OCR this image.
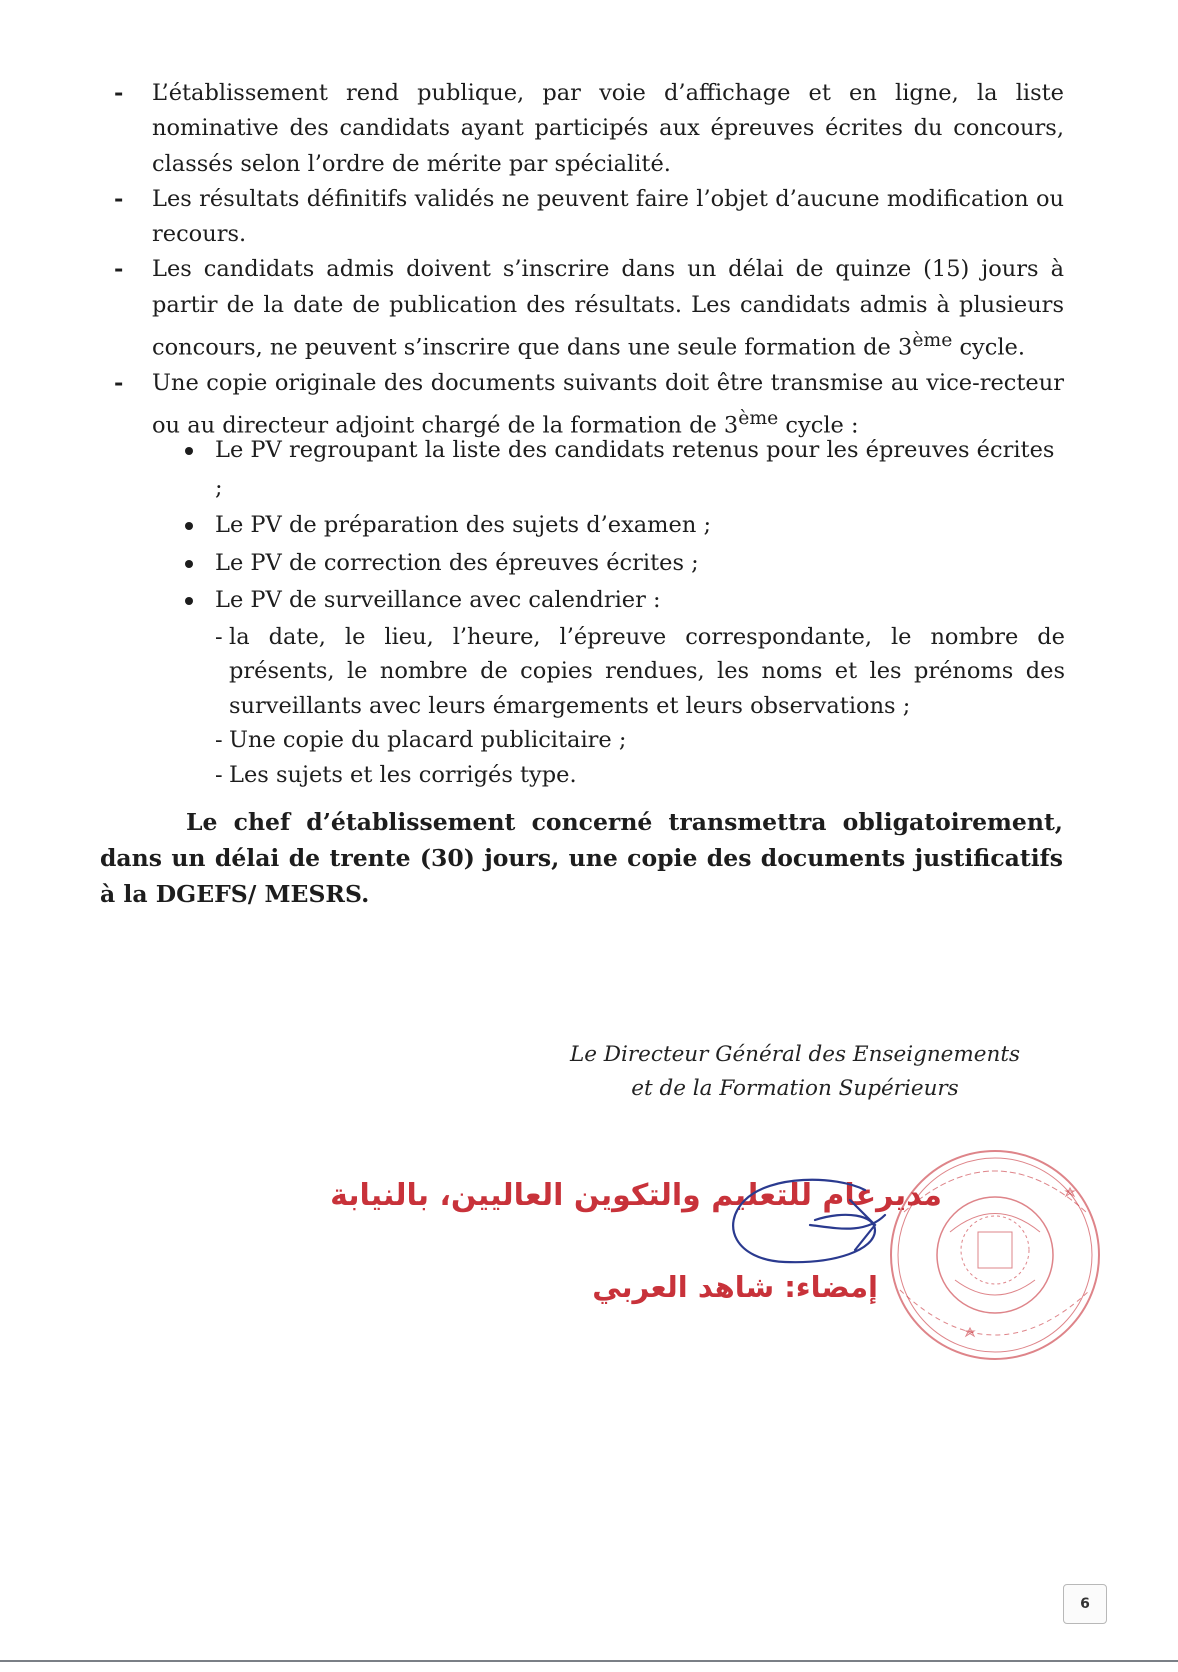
- L’établissement rend publique, par voie d’affichage et en ligne, la liste nominative des candidats ayant participés aux épreuves écrites du concours, classés selon l’ordre de mérite par spécialité.
- Les résultats définitifs validés ne peuvent faire l’objet d’aucune modification ou recours.
- Les candidats admis doivent s’inscrire dans un délai de quinze (15) jours à partir de la date de publication des résultats. Les candidats admis à plusieurs concours, ne peuvent s’inscrire que dans une seule formation de 3ème cycle.
- Une copie originale des documents suivants doit être transmise au vice-recteur ou au directeur adjoint chargé de la formation de 3ème cycle :
Le PV regroupant la liste des candidats retenus pour les épreuves écrites ;
Le PV de préparation des sujets d’examen ;
Le PV de correction des épreuves écrites ;
Le PV de surveillance avec calendrier :
- la date, le lieu, l’heure, l’épreuve correspondante, le nombre de présents, le nombre de copies rendues, les noms et les prénoms des surveillants avec leurs émargements et leurs observations ;
- Une copie du placard publicitaire ;
- Les sujets et les corrigés type.

Le chef d’établissement concerné transmettra obligatoirement, dans un délai de trente (30) jours, une copie des documents justificatifs à la DGEFS/ MESRS.

Le Directeur Général des Enseignements
et de la Formation Supérieurs
مديرعام للتعليم والتكوين العاليين، بالنيابة
إمضاء: شاهد العربي
6
